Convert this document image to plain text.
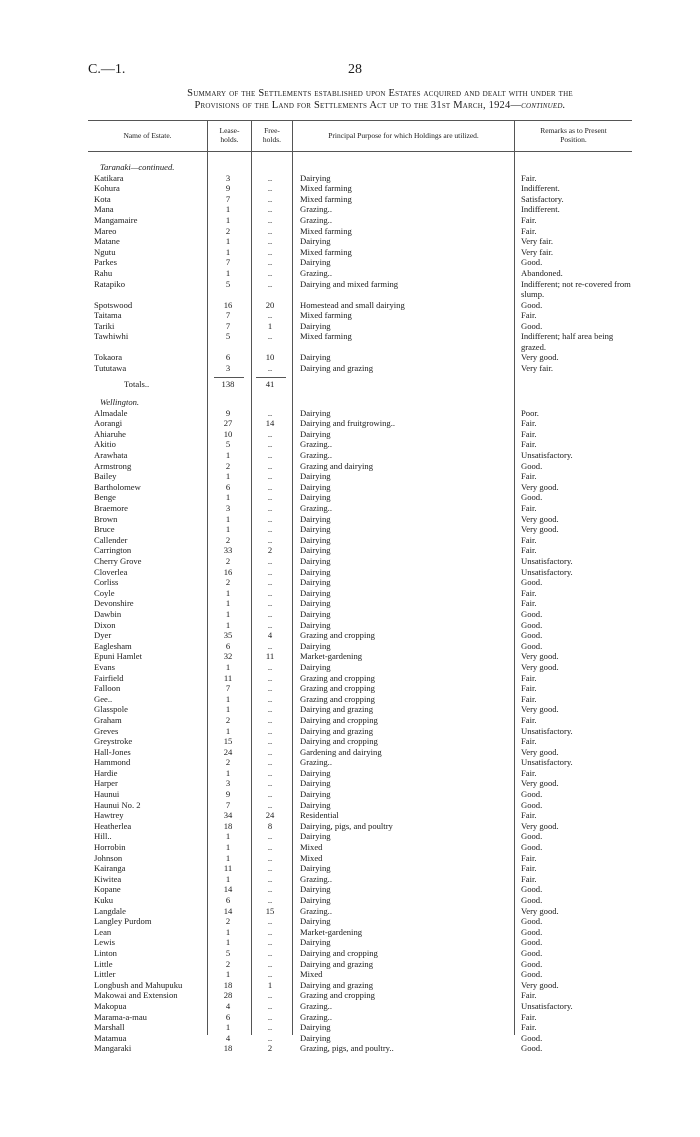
C.—1.	28
Summary of the Settlements established upon Estates acquired and dealt with under the
Provisions of the Land for Settlements Act up to the 31st March, 1924—continued.
Name of Estate.
Lease-
holds.
Free-
holds.	Principal Purpose for which Holdings are utilized.
Remarks as to Present
Position.
Taranaki—continued.
Katikara	3	..	Dairying	Fair.
Kohura	9	..	Mixed farming	Indifferent.
Kota	7	..	Mixed farming	Satisfactory.
Mana	1	..	Grazing..	Indifferent.
Mangamaire	1	..	Grazing..	Fair.
Mareo	2	..	Mixed farming	Fair.
Matane	1	..	Dairying	Very fair.
Ngutu	1	..	Mixed farming	Very fair.
Parkes	7	..	Dairying	Good.
Rahu	1	..	Grazing..	Abandoned.
Ratapiko	5	..	Dairying and mixed farming	Indifferent; not re-covered from slump.
Spotswood	16	20	Homestead and small dairying	Good.
Taitama	7	..	Mixed farming	Fair.
Tariki	7	1	Dairying	Good.
Tawhiwhi	5	..	Mixed farming	Indifferent; half area being grazed.
Tokaora	6	10	Dairying	Very good.
Tututawa	3	..	Dairying and grazing	Very fair.
Totals..	138	41
Wellington.
Almadale	9	..	Dairying	Poor.
Aorangi	27	14	Dairying and fruitgrowing..	Fair.
Ahiaruhe	10	..	Dairying	Fair.
Akitio	5	..	Grazing..	Fair.
Arawhata	1	..	Grazing..	Unsatisfactory.
Armstrong	2	..	Grazing and dairying	Good.
Bailey	1	..	Dairying	Fair.
Bartholomew	6	..	Dairying	Very good.
Benge	1	..	Dairying	Good.
Braemore	3	..	Grazing..	Fair.
Brown	1	..	Dairying	Very good.
Bruce	1	..	Dairying	Very good.
Callender	2	..	Dairying	Fair.
Carrington	33	2	Dairying	Fair.
Cherry Grove	2	..	Dairying	Unsatisfactory.
Cloverlea	16	..	Dairying	Unsatisfactory.
Corliss	2	..	Dairying	Good.
Coyle	1	..	Dairying	Fair.
Devonshire	1	..	Dairying	Fair.
Dawbin	1	..	Dairying	Good.
Dixon	1	..	Dairying	Good.
Dyer	35	4	Grazing and cropping	Good.
Eaglesham	6	..	Dairying	Good.
Epuni Hamlet	32	11	Market-gardening	Very good.
Evans	1	..	Dairying	Very good.
Fairfield	11	..	Grazing and cropping	Fair.
Falloon	7	..	Grazing and cropping	Fair.
Gee..	1	..	Grazing and cropping	Fair.
Glasspole	1	..	Dairying and grazing	Very good.
Graham	2	..	Dairying and cropping	Fair.
Greves	1	..	Dairying and grazing	Unsatisfactory.
Greystroke	15	..	Dairying and cropping	Fair.
Hall-Jones	24	..	Gardening and dairying	Very good.
Hammond	2	..	Grazing..	Unsatisfactory.
Hardie	1	..	Dairying	Fair.
Harper	3	..	Dairying	Very good.
Haunui	9	..	Dairying	Good.
Haunui No. 2	7	..	Dairying	Good.
Hawtrey	34	24	Residential	Fair.
Heatherlea	18	8	Dairying, pigs, and poultry	Very good.
Hill..	1	..	Dairying	Good.
Horrobin	1	..	Mixed	Good.
Johnson	1	..	Mixed	Fair.
Kairanga	11	..	Dairying	Fair.
Kiwitea	1	..	Grazing..	Fair.
Kopane	14	..	Dairying	Good.
Kuku	6	..	Dairying	Good.
Langdale	14	15	Grazing..	Very good.
Langley Purdom	2	..	Dairying	Good.
Lean	1	..	Market-gardening	Good.
Lewis	1	..	Dairying	Good.
Linton	5	..	Dairying and cropping	Good.
Little	2	..	Dairying and grazing	Good.
Littler	1	..	Mixed	Good.
Longbush and Mahupuku	18	1	Dairying and grazing	Very good.
Makowai and Extension	28	..	Grazing and cropping	Fair.
Makopua	4	..	Grazing..	Unsatisfactory.
Marama-a-mau	6	..	Grazing..	Fair.
Marshall	1	..	Dairying	Fair.
Matamua	4	..	Dairying	Good.
Mangaraki	18	2	Grazing, pigs, and poultry..	Good.
